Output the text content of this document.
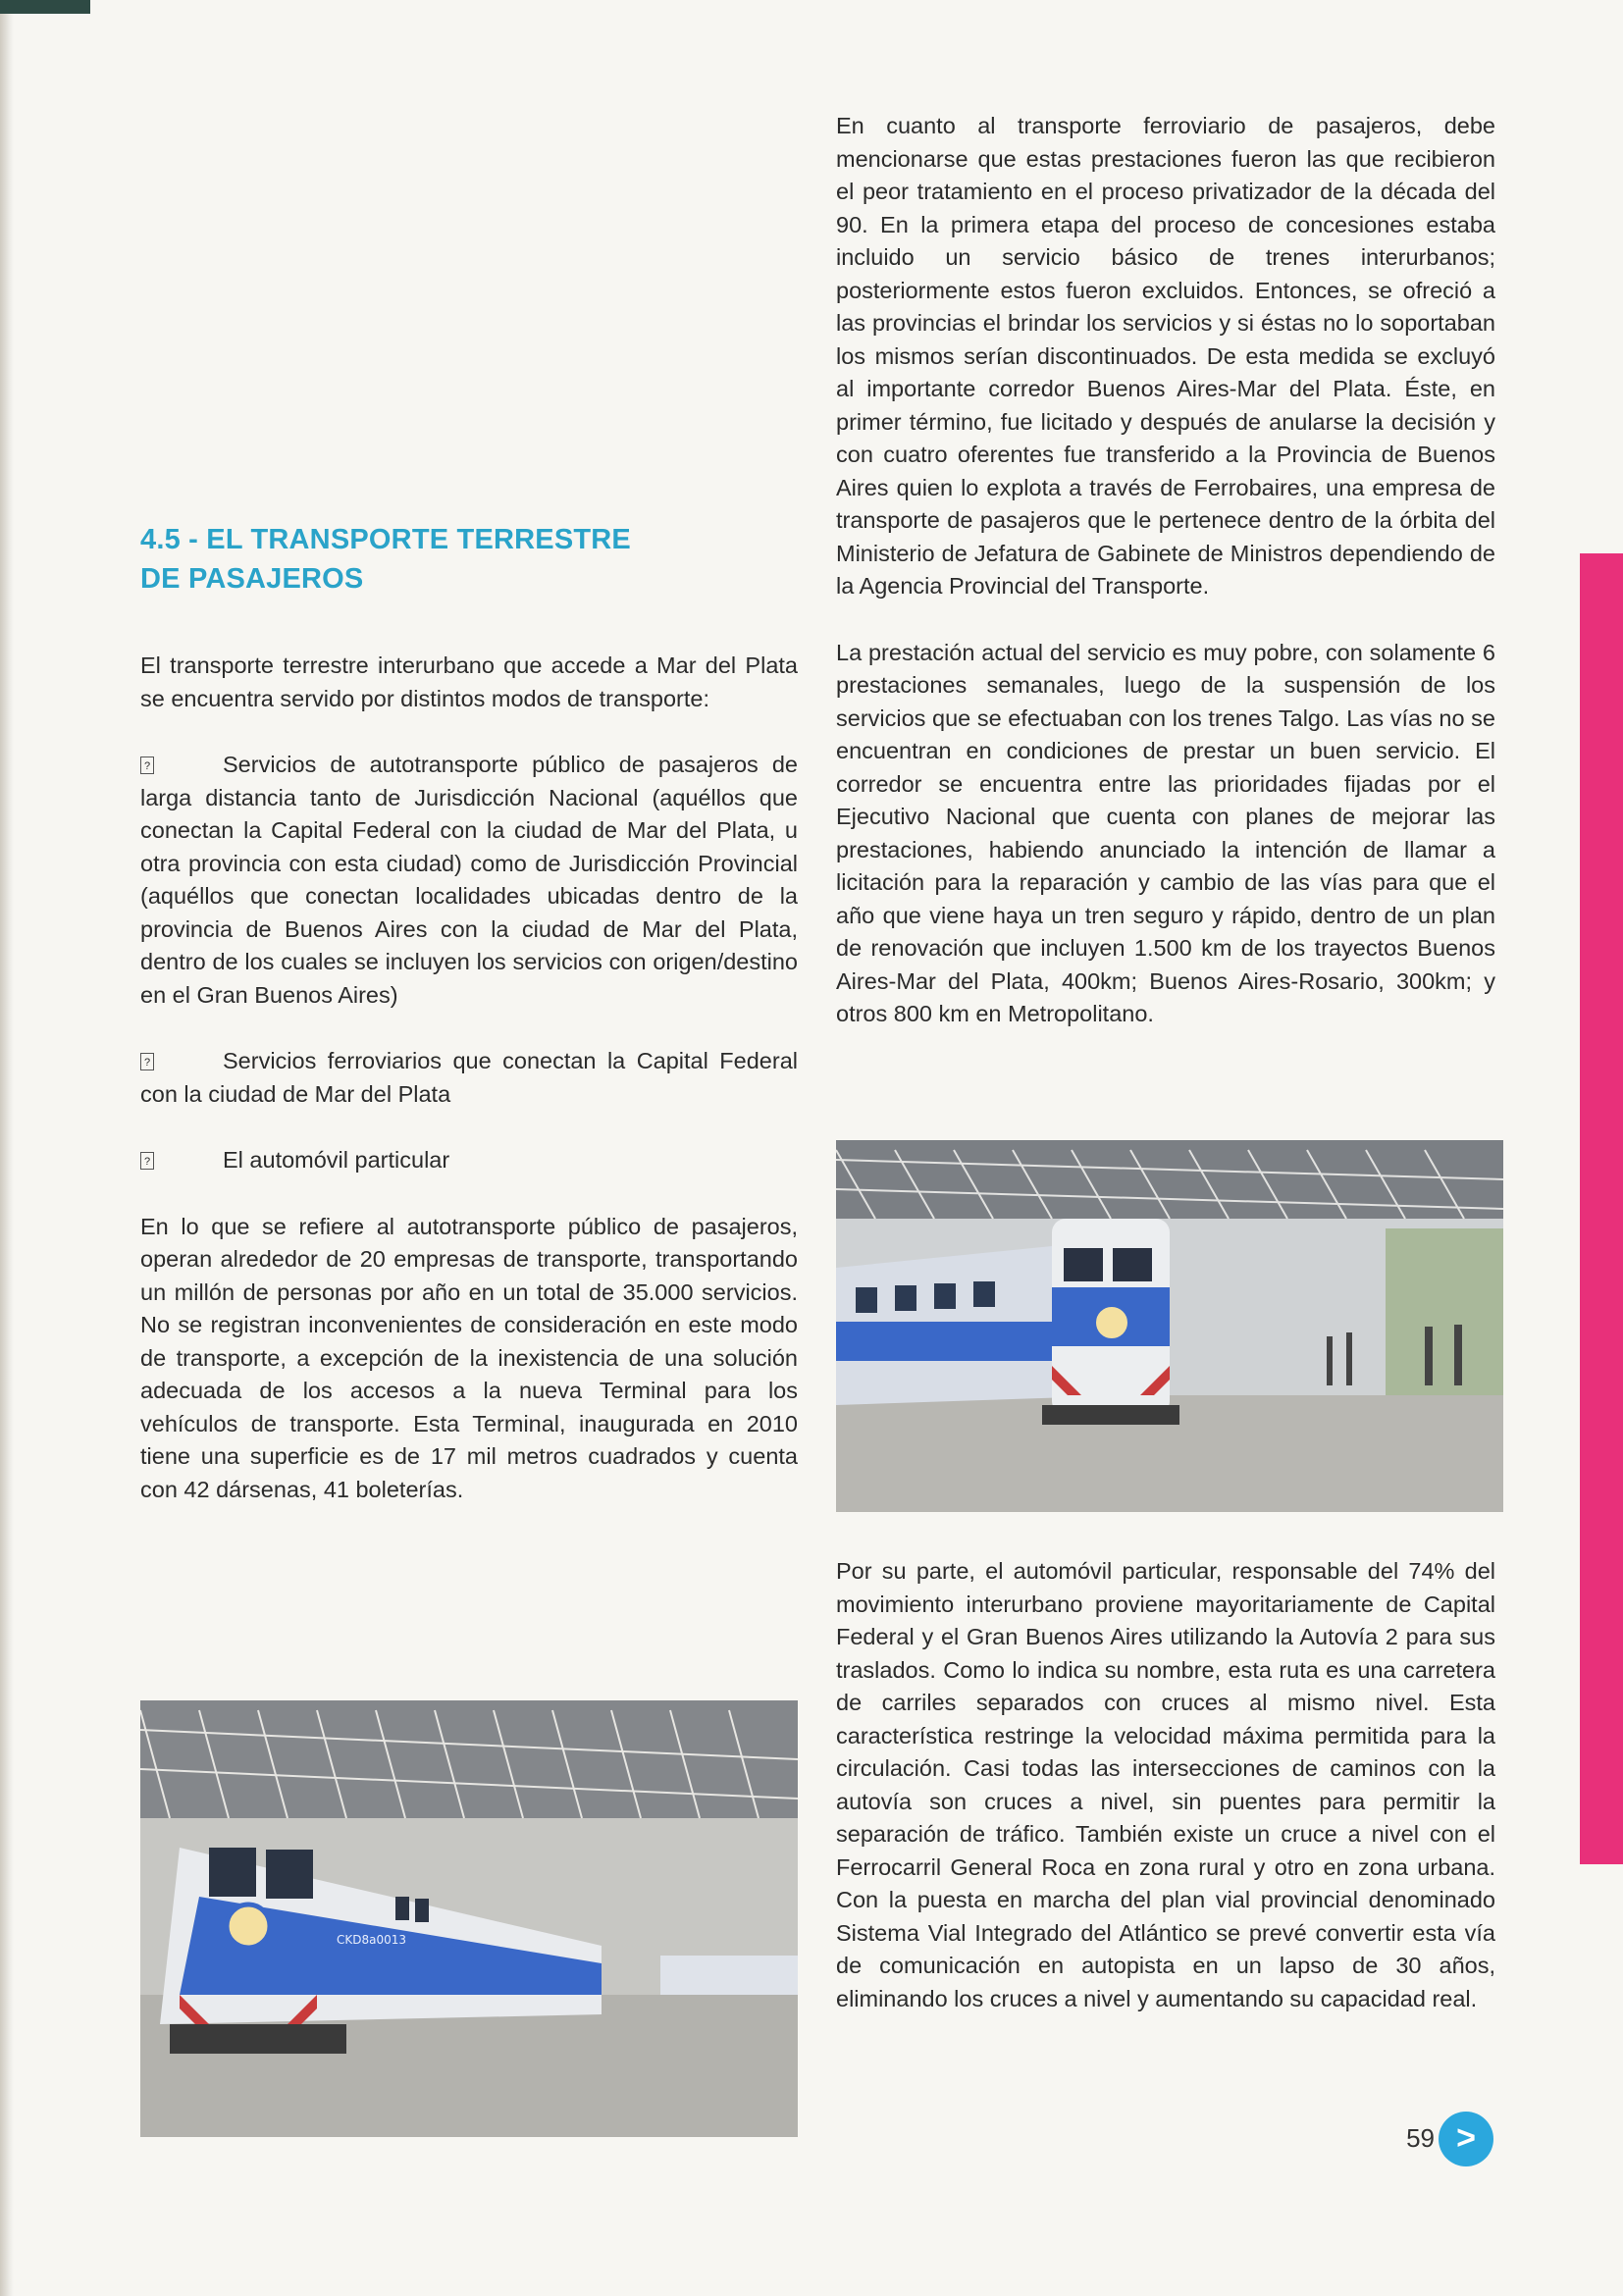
4.5 - EL TRANSPORTE TERRESTRE
DE PASAJEROS

El transporte terrestre interurbano que accede a Mar del Plata se encuentra servido por distintos modos de transporte:

?	Servicios de autotransporte público de pasajeros de larga distancia tanto de Jurisdicción Nacional (aquéllos que conectan la Capital Federal con la ciudad de Mar del Plata, u otra provincia con esta ciudad) como de Jurisdicción Provincial (aquéllos que conectan localidades ubicadas dentro de la provincia de Buenos Aires con la ciudad de Mar del Plata, dentro de los cuales se incluyen los servicios con origen/destino en el Gran Buenos Aires)
?	Servicios ferroviarios que conectan la Capital Federal con la ciudad de Mar del Plata
?	El automóvil particular

En lo que se refiere al autotransporte público de pasajeros, operan alrededor de 20 empresas de transporte, transportando un millón de personas por año en un total de 35.000 servicios. No se registran inconvenientes de consideración en este modo de transporte, a excepción de la inexistencia de una solución adecuada de los accesos a la nueva Terminal para los vehículos de transporte. Esta Terminal, inaugurada en 2010 tiene una superficie es de 17 mil metros cuadrados y cuenta con 42 dársenas, 41 boleterías.

En cuanto al transporte ferroviario de pasajeros, debe mencionarse que estas prestaciones fueron las que recibieron el peor tratamiento en el proceso privatizador de la década del 90. En la primera etapa del proceso de concesiones estaba incluido un servicio básico de trenes interurbanos; posteriormente estos fueron excluidos. Entonces, se ofreció a las provincias el brindar los servicios y si éstas no lo soportaban los mismos serían discontinuados. De esta medida se excluyó al importante corredor Buenos Aires-Mar del Plata. Éste, en primer término, fue licitado y después de anularse la decisión y con cuatro oferentes fue transferido a la Provincia de Buenos Aires quien lo explota a través de Ferrobaires, una empresa de transporte de pasajeros que le pertenece dentro de la órbita del Ministerio de Jefatura de Gabinete de Ministros dependiendo de la Agencia Provincial del Transporte.

La prestación actual del servicio es muy pobre, con solamente 6 prestaciones semanales, luego de la suspensión de los servicios que se efectuaban con los trenes Talgo. Las vías no se encuentran en condiciones de prestar un buen servicio. El corredor se encuentra entre las prioridades fijadas por el Ejecutivo Nacional que cuenta con planes de mejorar las prestaciones, habiendo anunciado la intención de llamar a licitación para la reparación y cambio de las vías para que el año que viene haya un tren seguro y rápido, dentro de un plan de renovación que incluyen 1.500 km de los trayectos Buenos Aires-Mar del Plata, 400km; Buenos Aires-Rosario, 300km; y otros 800 km en Metropolitano.

Por su parte, el automóvil particular, responsable del 74% del movimiento interurbano proviene mayoritariamente de Capital Federal y el Gran Buenos Aires utilizando la Autovía 2 para sus traslados. Como lo indica su nombre, esta ruta es una carretera de carriles separados con cruces al mismo nivel. Esta característica restringe la velocidad máxima permitida para la circulación. Casi todas las intersecciones de caminos con la autovía son cruces a nivel, sin puentes para permitir la separación de tráfico. También existe un cruce a nivel con el Ferrocarril General Roca en zona rural y otro en zona urbana. Con la puesta en marcha del plan vial provincial denominado Sistema Vial Integrado del Atlántico se prevé convertir esta vía de comunicación en autopista en un lapso de 30 años, eliminando los cruces a nivel y aumentando su capacidad real.

CKD8a0013
59 >
